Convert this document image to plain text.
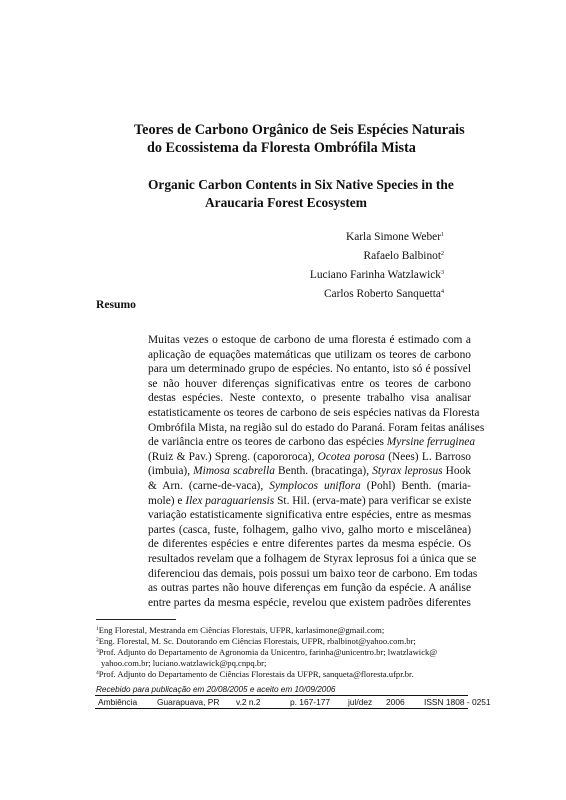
Teores de Carbono Orgânico de Seis Espécies Naturais
do Ecossistema da Floresta Ombrófila Mista
Organic Carbon Contents in Six Native Species in the
Araucaria Forest Ecosystem
Karla Simone Weber$^1$
Rafaelo Balbinot$^2$
Luciano Farinha Watzlawick$^3$
Carlos Roberto Sanquetta$^4$
Resumo
Muitas vezes o estoque de carbono de uma floresta é estimado com a
aplicação de equações matemáticas que utilizam os teores de carbono
para um determinado grupo de espécies. No entanto, isto só é possível
se não houver diferenças significativas entre os teores de carbono
destas espécies. Neste contexto, o presente trabalho visa analisar
estatisticamente os teores de carbono de seis espécies nativas da Floresta
Ombrófila Mista, na região sul do estado do Paraná. Foram feitas análises
de variância entre os teores de carbono das espécies Myrsine ferruginea
(Ruiz & Pav.) Spreng. (capororoca), Ocotea porosa (Nees) L. Barroso
(imbuia), Mimosa scabrella Benth. (bracatinga), Styrax leprosus Hook
& Arn. (carne-de-vaca), Symplocos uniflora (Pohl) Benth. (maria-
mole) e Ilex paraguariensis St. Hil. (erva-mate) para verificar se existe
variação estatisticamente significativa entre espécies, entre as mesmas
partes (casca, fuste, folhagem, galho vivo, galho morto e miscelânea)
de diferentes espécies e entre diferentes partes da mesma espécie. Os
resultados revelam que a folhagem de Styrax leprosus foi a única que se
diferenciou das demais, pois possui um baixo teor de carbono. Em todas
as outras partes não houve diferenças em função da espécie. A análise
entre partes da mesma espécie, revelou que existem padrões diferentes
$^1$Eng Florestal, Mestranda em Ciências Florestais, UFPR, karlasimone@gmail.com;
$^2$Eng. Florestal, M. Sc. Doutorando em Ciências Florestais, UFPR, rbalbinot@yahoo.com.br;
$^3$Prof. Adjunto do Departamento de Agronomia da Unicentro, farinha@unicentro.br; lwatzlawick@
yahoo.com.br; luciano.watzlawick@pq.cnpq.br;
$^4$Prof. Adjunto do Departamento de Ciências Florestais da UFPR, sanqueta@floresta.ufpr.br.
Recebido para publicação em 20/08/2005 e aceito em 10/09/2006
Ambiência Guarapuava, PR v.2 n.2	p. 167-177 jul/dez 2006 ISSN 1808 - 0251
